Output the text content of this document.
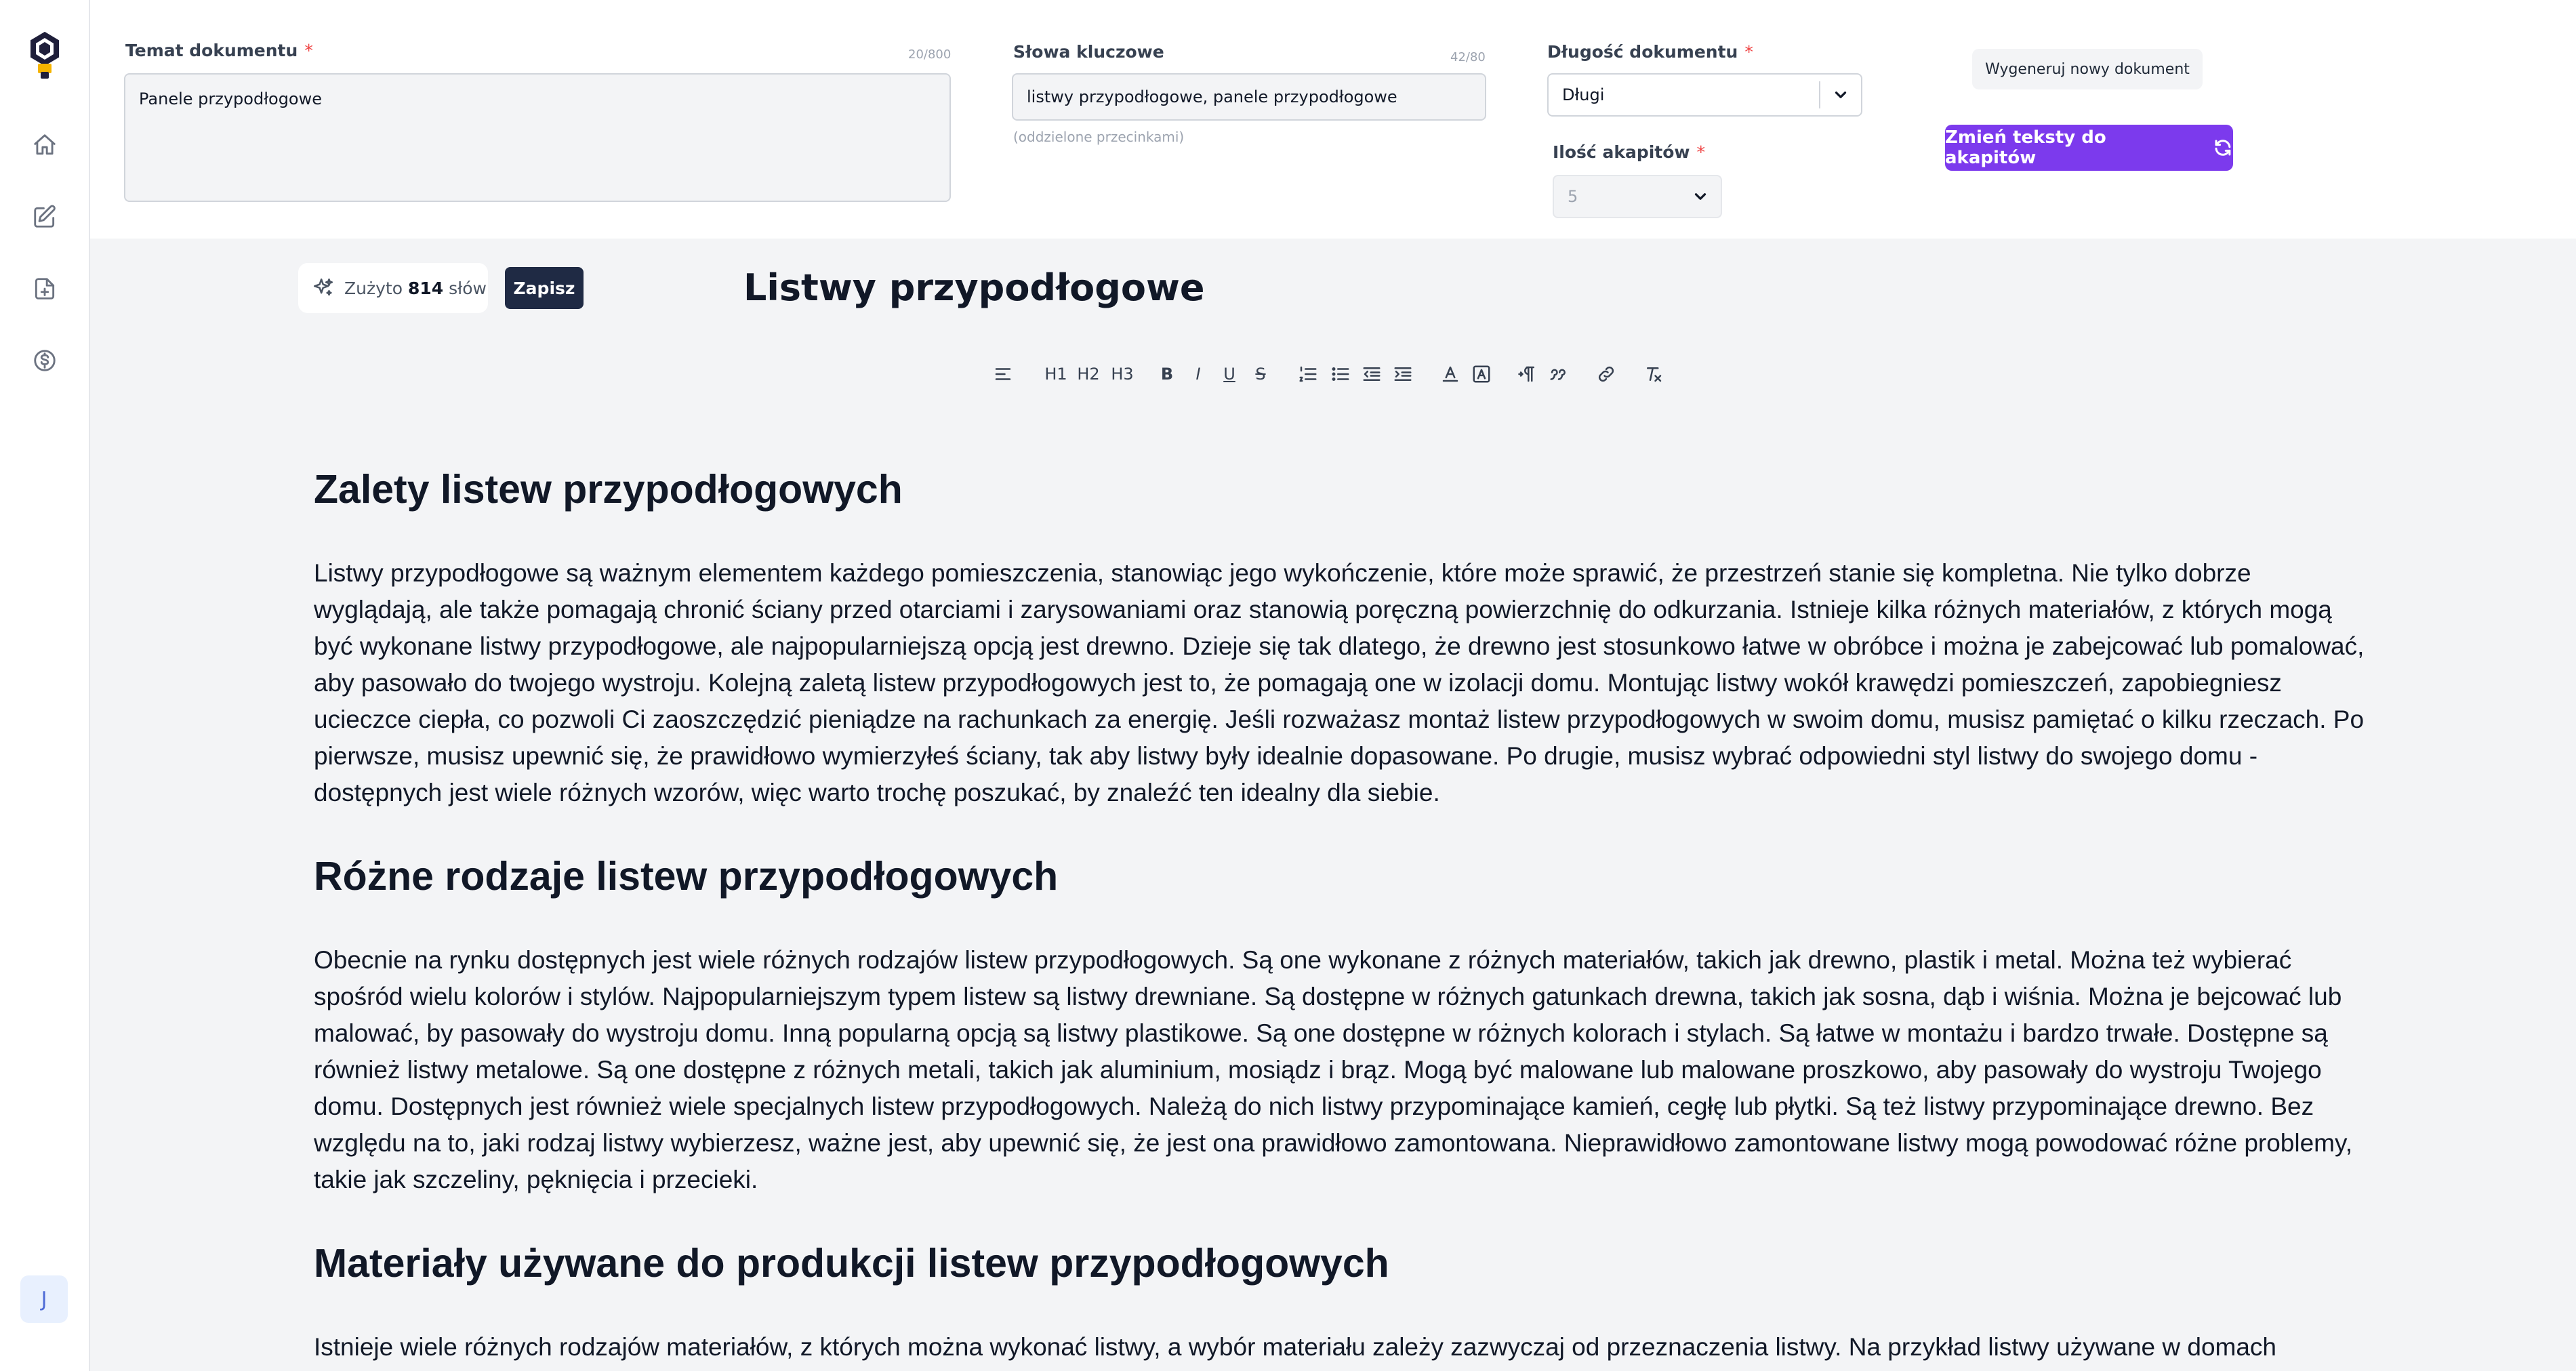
J
Temat dokumentu *	20/800
Panele przypodłogowe
Słowa kluczowe	42/80
listwy przypodłogowe, panele przypodłogowe
(oddzielone przecinkami)
Długość dokumentu *
Długi
Ilość akapitów *
5
Wygeneruj nowy dokument
Zmień teksty do akapitów
Zużyto 814 słów	Zapisz	Listwy przypodłogowe
H1 H2 H3 B I U S
Zalety listew przypodłogowych

Listwy przypodłogowe są ważnym elementem każdego pomieszczenia, stanowiąc jego wykończenie, które może sprawić, że przestrzeń stanie się kompletna. Nie tylko dobrze wyglądają, ale także pomagają chronić ściany przed otarciami i zarysowaniami oraz stanowią poręczną powierzchnię do odkurzania. Istnieje kilka różnych materiałów, z których mogą być wykonane listwy przypodłogowe, ale najpopularniejszą opcją jest drewno. Dzieje się tak dlatego, że drewno jest stosunkowo łatwe w obróbce i można je zabejcować lub pomalować, aby pasowało do twojego wystroju. Kolejną zaletą listew przypodłogowych jest to, że pomagają one w izolacji domu. Montując listwy wokół krawędzi pomieszczeń, zapobiegniesz ucieczce ciepła, co pozwoli Ci zaoszczędzić pieniądze na rachunkach za energię. Jeśli rozważasz montaż listew przypodłogowych w swoim domu, musisz pamiętać o kilku rzeczach. Po pierwsze, musisz upewnić się, że prawidłowo wymierzyłeś ściany, tak aby listwy były idealnie dopasowane. Po drugie, musisz wybrać odpowiedni styl listwy do swojego domu - dostępnych jest wiele różnych wzorów, więc warto trochę poszukać, by znaleźć ten idealny dla siebie.

Różne rodzaje listew przypodłogowych

Obecnie na rynku dostępnych jest wiele różnych rodzajów listew przypodłogowych. Są one wykonane z różnych materiałów, takich jak drewno, plastik i metal. Można też wybierać spośród wielu kolorów i stylów. Najpopularniejszym typem listew są listwy drewniane. Są dostępne w różnych gatunkach drewna, takich jak sosna, dąb i wiśnia. Można je bejcować lub malować, by pasowały do wystroju domu. Inną popularną opcją są listwy plastikowe. Są one dostępne w różnych kolorach i stylach. Są łatwe w montażu i bardzo trwałe. Dostępne są również listwy metalowe. Są one dostępne z różnych metali, takich jak aluminium, mosiądz i brąz. Mogą być malowane lub malowane proszkowo, aby pasowały do wystroju Twojego domu. Dostępnych jest również wiele specjalnych listew przypodłogowych. Należą do nich listwy przypominające kamień, cegłę lub płytki. Są też listwy przypominające drewno. Bez względu na to, jaki rodzaj listwy wybierzesz, ważne jest, aby upewnić się, że jest ona prawidłowo zamontowana. Nieprawidłowo zamontowane listwy mogą powodować różne problemy, takie jak szczeliny, pęknięcia i przecieki.

Materiały używane do produkcji listew przypodłogowych

Istnieje wiele różnych rodzajów materiałów, z których można wykonać listwy, a wybór materiału zależy zazwyczaj od przeznaczenia listwy. Na przykład listwy używane w domach
